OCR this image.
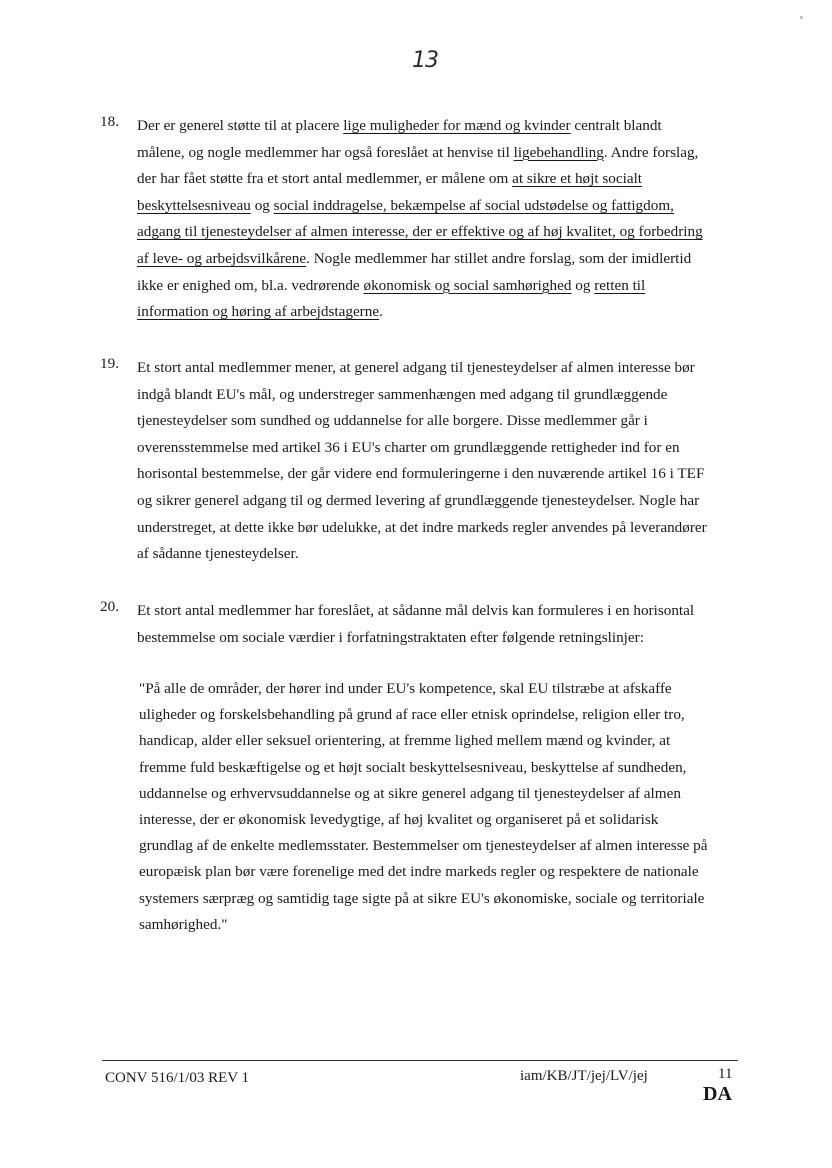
13
18.	Der er generel støtte til at placere lige muligheder for mænd og kvinder centralt blandt
målene, og nogle medlemmer har også foreslået at henvise til ligebehandling. Andre forslag,
der har fået støtte fra et stort antal medlemmer, er målene om at sikre et højt socialt
beskyttelsesniveau og social inddragelse, bekæmpelse af social udstødelse og fattigdom,
adgang til tjenesteydelser af almen interesse, der er effektive og af høj kvalitet, og forbedring
af leve- og arbejdsvilkårene. Nogle medlemmer har stillet andre forslag, som der imidlertid
ikke er enighed om, bl.a. vedrørende økonomisk og social samhørighed og retten til
information og høring af arbejdstagerne.
19.	Et stort antal medlemmer mener, at generel adgang til tjenesteydelser af almen interesse bør
indgå blandt EU's mål, og understreger sammenhængen med adgang til grundlæggende
tjenesteydelser som sundhed og uddannelse for alle borgere. Disse medlemmer går i
overensstemmelse med artikel 36 i EU's charter om grundlæggende rettigheder ind for en
horisontal bestemmelse, der går videre end formuleringerne i den nuværende artikel 16 i TEF
og sikrer generel adgang til og dermed levering af grundlæggende tjenesteydelser. Nogle har
understreget, at dette ikke bør udelukke, at det indre markeds regler anvendes på leverandører
af sådanne tjenesteydelser.
20.	Et stort antal medlemmer har foreslået, at sådanne mål delvis kan formuleres i en horisontal
bestemmelse om sociale værdier i forfatningstraktaten efter følgende retningslinjer:
"På alle de områder, der hører ind under EU's kompetence, skal EU tilstræbe at afskaffe
uligheder og forskelsbehandling på grund af race eller etnisk oprindelse, religion eller tro,
handicap, alder eller seksuel orientering, at fremme lighed mellem mænd og kvinder, at
fremme fuld beskæftigelse og et højt socialt beskyttelsesniveau, beskyttelse af sundheden,
uddannelse og erhvervsuddannelse og at sikre generel adgang til tjenesteydelser af almen
interesse, der er økonomisk levedygtige, af høj kvalitet og organiseret på et solidarisk
grundlag af de enkelte medlemsstater. Bestemmelser om tjenesteydelser af almen interesse på
europæisk plan bør være forenelige med det indre markeds regler og respektere de nationale
systemers særpræg og samtidig tage sigte på at sikre EU's økonomiske, sociale og territoriale
samhørighed."
CONV 516/1/03 REV 1	iam/KB/JT/jej/LV/jej	11
DA
